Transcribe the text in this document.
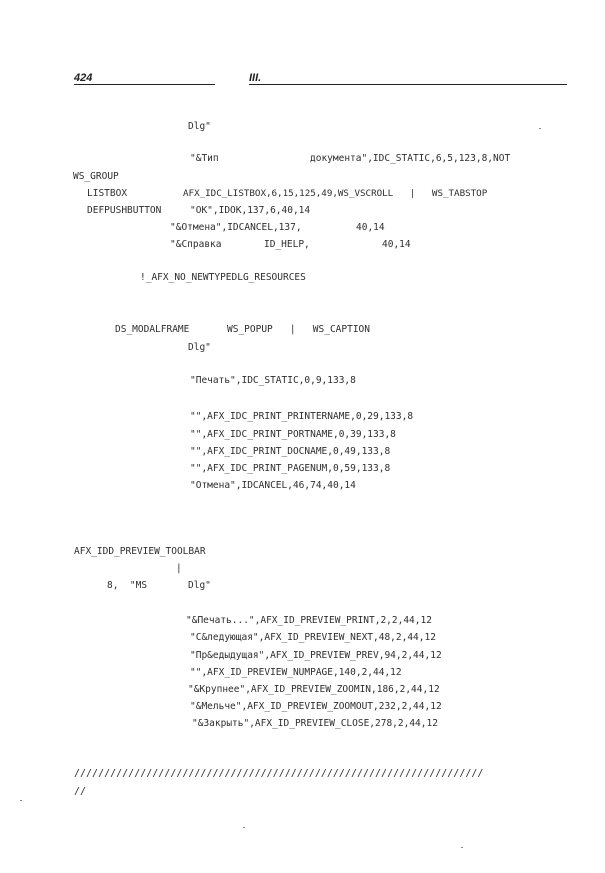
424	III.
Dlg"
"&Тип	документа",IDC_STATIC,6,5,123,8,NOT
WS_GROUP
LISTBOX	AFX_IDC_LISTBOX,6,15,125,49,WS_VSCROLL   |   WS_TABSTOP
DEFPUSHBUTTON	"OK",IDOK,137,6,40,14
"&Отмена",IDCANCEL,137,	40,14
"&Справка	ID_HELP,	40,14
!_AFX_NO_NEWTYPEDLG_RESOURCES
DS_MODALFRAME	WS_POPUP   |   WS_CAPTION
Dlg"
"Печать",IDC_STATIC,0,9,133,8
"",AFX_IDC_PRINT_PRINTERNAME,0,29,133,8
"",AFX_IDC_PRINT_PORTNAME,0,39,133,8
"",AFX_IDC_PRINT_DOCNAME,0,49,133,8
"",AFX_IDC_PRINT_PAGENUM,0,59,133,8
"Отмена",IDCANCEL,46,74,40,14
AFX_IDD_PREVIEW_TOOLBAR
|
8,  "MS	Dlg"
"&Печать...",AFX_ID_PREVIEW_PRINT,2,2,44,12
"С&ледующая",AFX_ID_PREVIEW_NEXT,48,2,44,12
"Пр&едыдущая",AFX_ID_PREVIEW_PREV,94,2,44,12
"",AFX_ID_PREVIEW_NUMPAGE,140,2,44,12
"&Крупнее",AFX_ID_PREVIEW_ZOOMIN,186,2,44,12
"&Мельче",AFX_ID_PREVIEW_ZOOMOUT,232,2,44,12
"&Закрыть",AFX_ID_PREVIEW_CLOSE,278,2,44,12
////////////////////////////////////////////////////////////////////
//
